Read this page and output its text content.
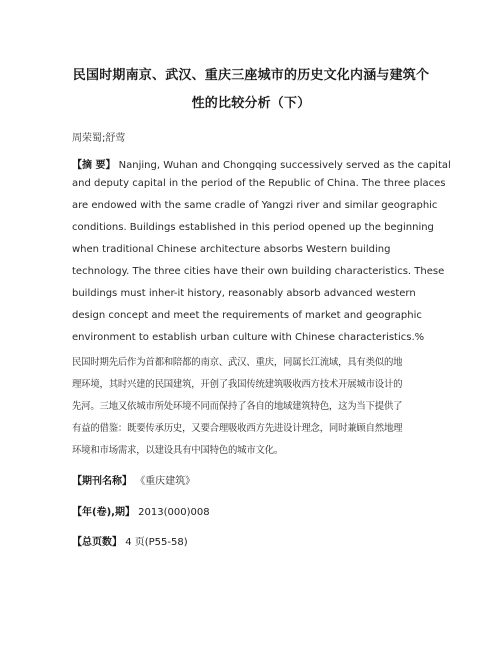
民国时期南京、武汉、重庆三座城市的历史文化内涵与建筑个
性的比较分析（下）
周荣蜀;舒莺
【摘 要】 Nanjing, Wuhan and Chongqing successively served as the capital
and deputy capital in the period of the Republic of China. The three places
are endowed with the same cradle of Yangzi river and similar geographic
conditions. Buildings established in this period opened up the beginning
when traditional Chinese architecture absorbs Western building
technology. The three cities have their own building characteristics. These
buildings must inher-it history, reasonably absorb advanced western
design concept and meet the requirements of market and geographic
environment to establish urban culture with Chinese characteristics.%
民国时期先后作为首都和陪都的南京、武汉、重庆，同属长江流域，具有类似的地
理环境，其时兴建的民国建筑，开创了我国传统建筑吸收西方技术开展城市设计的
先河。三地又依城市所处环境不同而保持了各自的地域建筑特色，这为当下提供了
有益的借鉴：既要传承历史，又要合理吸收西方先进设计理念，同时兼顾自然地理
环境和市场需求，以建设具有中国特色的城市文化。
【期刊名称】 《重庆建筑》
【年(卷),期】 2013(000)008
【总页数】 4 页(P55-58)
